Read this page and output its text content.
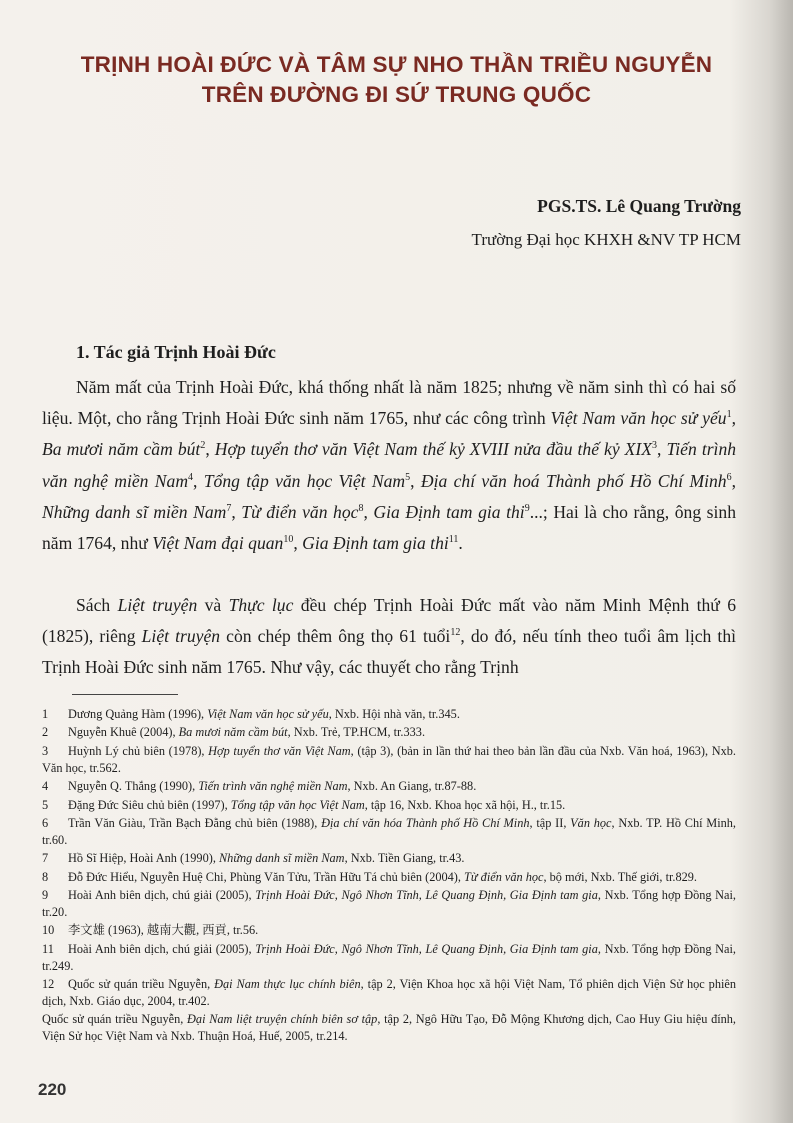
TRỊNH HOÀI ĐỨC VÀ TÂM SỰ NHO THẦN TRIỀU NGUYỄN
TRÊN ĐƯỜNG ĐI SỨ TRUNG QUỐC
PGS.TS. Lê Quang Trường
Trường Đại học KHXH &NV TP HCM
1. Tác giả Trịnh Hoài Đức

Năm mất của Trịnh Hoài Đức, khá thống nhất là năm 1825; nhưng về năm sinh thì có hai số liệu. Một, cho rằng Trịnh Hoài Đức sinh năm 1765, như các công trình Việt Nam văn học sử yếu$^1$, Ba mươi năm cầm bút$^2$, Hợp tuyển thơ văn Việt Nam thế kỷ XVIII nửa đầu thế kỷ XIX$^3$, Tiến trình văn nghệ miền Nam$^4$, Tổng tập văn học Việt Nam$^5$, Địa chí văn hoá Thành phố Hồ Chí Minh$^6$, Những danh sĩ miền Nam$^7$, Từ điển văn học$^8$, Gia Định tam gia thi$^9$...; Hai là cho rằng, ông sinh năm 1764, như Việt Nam đại quan$^{10}$, Gia Định tam gia thi$^{11}$.

Sách Liệt truyện và Thực lục đều chép Trịnh Hoài Đức mất vào năm Minh Mệnh thứ 6 (1825), riêng Liệt truyện còn chép thêm ông thọ 61 tuổi$^{12}$, do đó, nếu tính theo tuổi âm lịch thì Trịnh Hoài Đức sinh năm 1765. Như vậy, các thuyết cho rằng Trịnh

1 Dương Quảng Hàm (1996), Việt Nam văn học sử yếu, Nxb. Hội nhà văn, tr.345.
2 Nguyễn Khuê (2004), Ba mươi năm cầm bút, Nxb. Trẻ, TP.HCM, tr.333.
3 Huỳnh Lý chủ biên (1978), Hợp tuyển thơ văn Việt Nam, (tập 3), (bản in lần thứ hai theo bản lần đầu của Nxb. Văn hoá, 1963), Nxb. Văn học, tr.562.
4 Nguyễn Q. Thắng (1990), Tiến trình văn nghệ miền Nam, Nxb. An Giang, tr.87-88.
5 Đặng Đức Siêu chủ biên (1997), Tổng tập văn học Việt Nam, tập 16, Nxb. Khoa học xã hội, H., tr.15.
6 Trần Văn Giàu, Trần Bạch Đằng chủ biên (1988), Địa chí văn hóa Thành phố Hồ Chí Minh, tập II, Văn học, Nxb. TP. Hồ Chí Minh, tr.60.
7 Hồ Sĩ Hiệp, Hoài Anh (1990), Những danh sĩ miền Nam, Nxb. Tiền Giang, tr.43.
8 Đỗ Đức Hiểu, Nguyễn Huệ Chi, Phùng Văn Tửu, Trần Hữu Tá chủ biên (2004), Từ điển văn học, bộ mới, Nxb. Thế giới, tr.829.
9 Hoài Anh biên dịch, chú giải (2005), Trịnh Hoài Đức, Ngô Nhơn Tĩnh, Lê Quang Định, Gia Định tam gia, Nxb. Tổng hợp Đồng Nai, tr.20.
10 李文雄 (1963), 越南大觀, 西貢, tr.56.
11 Hoài Anh biên dịch, chú giải (2005), Trịnh Hoài Đức, Ngô Nhơn Tĩnh, Lê Quang Định, Gia Định tam gia, Nxb. Tổng hợp Đồng Nai, tr.249.
12 Quốc sử quán triều Nguyễn, Đại Nam thực lục chính biên, tập 2, Viện Khoa học xã hội Việt Nam, Tổ phiên dịch Viện Sử học phiên dịch, Nxb. Giáo dục, 2004, tr.402.
Quốc sử quán triều Nguyễn, Đại Nam liệt truyện chính biên sơ tập, tập 2, Ngô Hữu Tạo, Đỗ Mộng Khương dịch, Cao Huy Giu hiệu đính, Viện Sử học Việt Nam và Nxb. Thuận Hoá, Huế, 2005, tr.214.
220
